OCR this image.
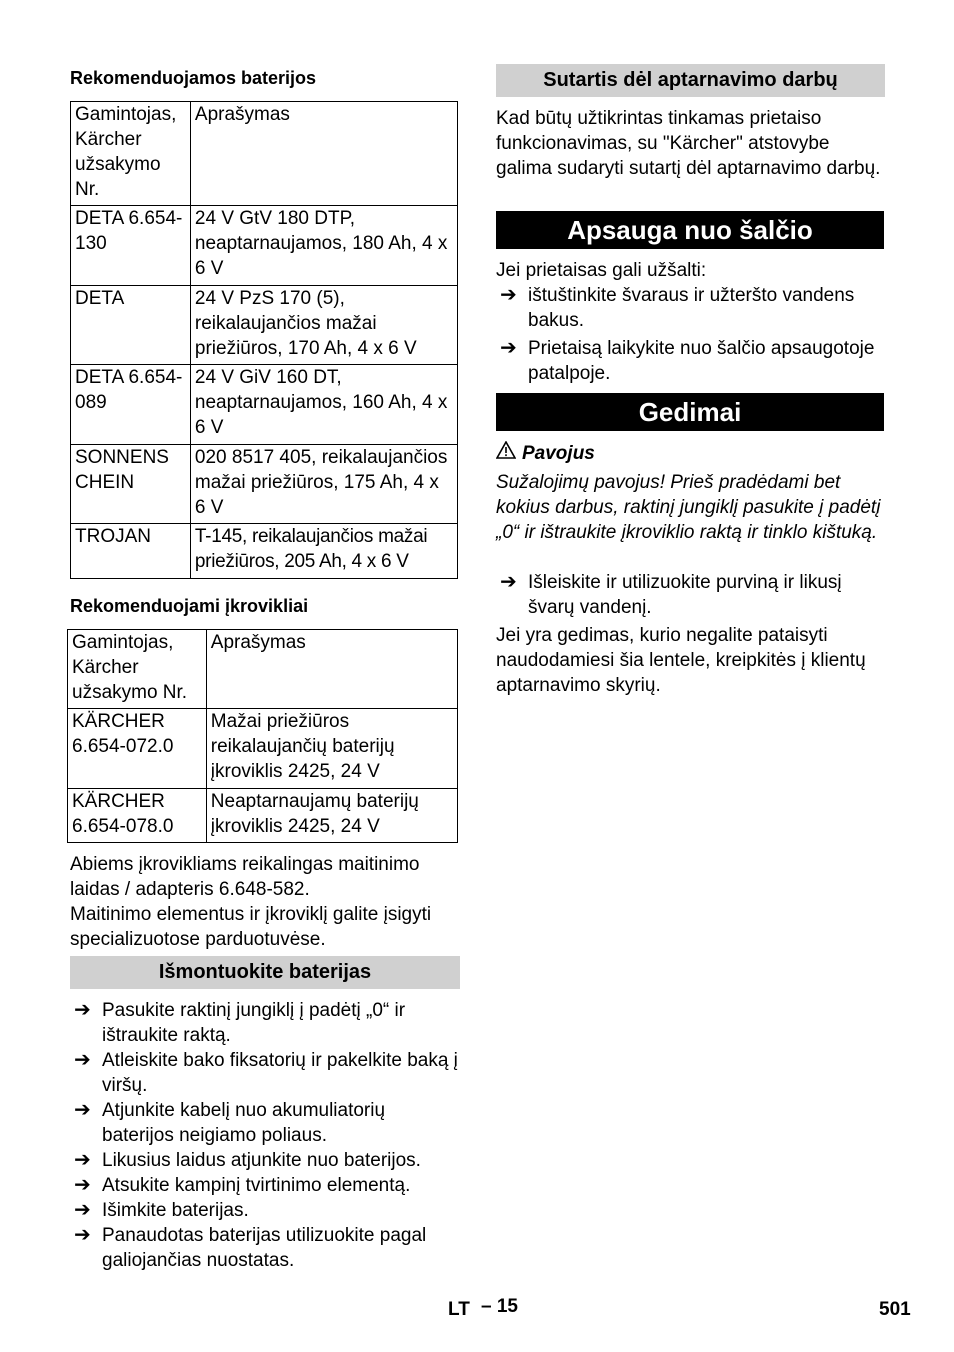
Rekomenduojamos baterijos
Gamintojas, Kärcher užsakymo Nr.	Aprašymas
DETA 6.654-130	24 V GtV 180 DTP, neaptarnaujamos, 180 Ah, 4 x 6 V
DETA	24 V PzS 170 (5), reikalaujančios mažai priežiūros, 170 Ah, 4 x 6 V
DETA 6.654-089	24 V GiV 160 DT, neaptarnaujamos, 160 Ah, 4 x 6 V
SONNENS CHEIN	020 8517 405, reikalaujančios mažai priežiūros, 175 Ah, 4 x 6 V
TROJAN	T-145, reikalaujančios mažai priežiūros, 205 Ah, 4 x 6 V
Rekomenduojami įkrovikliai
Gamintojas, Kärcher užsakymo Nr.	Aprašymas
KÄRCHER 6.654-072.0	Mažai priežiūros reikalaujančių baterijų įkroviklis 2425, 24 V
KÄRCHER 6.654-078.0	Neaptarnaujamų baterijų įkroviklis 2425, 24 V
Abiems įkrovikliams reikalingas maitinimo laidas / adapteris 6.648-582.
Maitinimo elementus ir įkroviklį galite įsigyti specializuotose parduotuvėse.
Išmontuokite baterijas
➔ Pasukite raktinį jungiklį į padėtį „0“ ir ištraukite raktą.
➔ Atleiskite bako fiksatorių ir pakelkite baką į viršų.
➔ Atjunkite kabelį nuo akumuliatorių baterijos neigiamo poliaus.
➔ Likusius laidus atjunkite nuo baterijos.
➔ Atsukite kampinį tvirtinimo elementą.
➔ Išimkite baterijas.
➔ Panaudotas baterijas utilizuokite pagal galiojančias nuostatas.
Sutartis dėl aptarnavimo darbų
Kad būtų užtikrintas tinkamas prietaiso funkcionavimas, su "Kärcher" atstovybe galima sudaryti sutartį dėl aptarnavimo darbų.
Apsauga nuo šalčio
Jei prietaisas gali užšalti:
➔ ištuštinkite švaraus ir užteršto vandens bakus.
➔ Prietaisą laikykite nuo šalčio apsaugotoje patalpoje.
Gedimai
Pavojus
Sužalojimų pavojus! Prieš pradėdami bet kokius darbus, raktinį jungiklį pasukite į padėtį „0“ ir ištraukite įkroviklio raktą ir tinklo kištuką.
➔ Išleiskite ir utilizuokite purviną ir likusį švarų vandenį.
Jei yra gedimas, kurio negalite pataisyti naudodamiesi šia lentele, kreipkitės į klientų aptarnavimo skyrių.
LT – 15	501
